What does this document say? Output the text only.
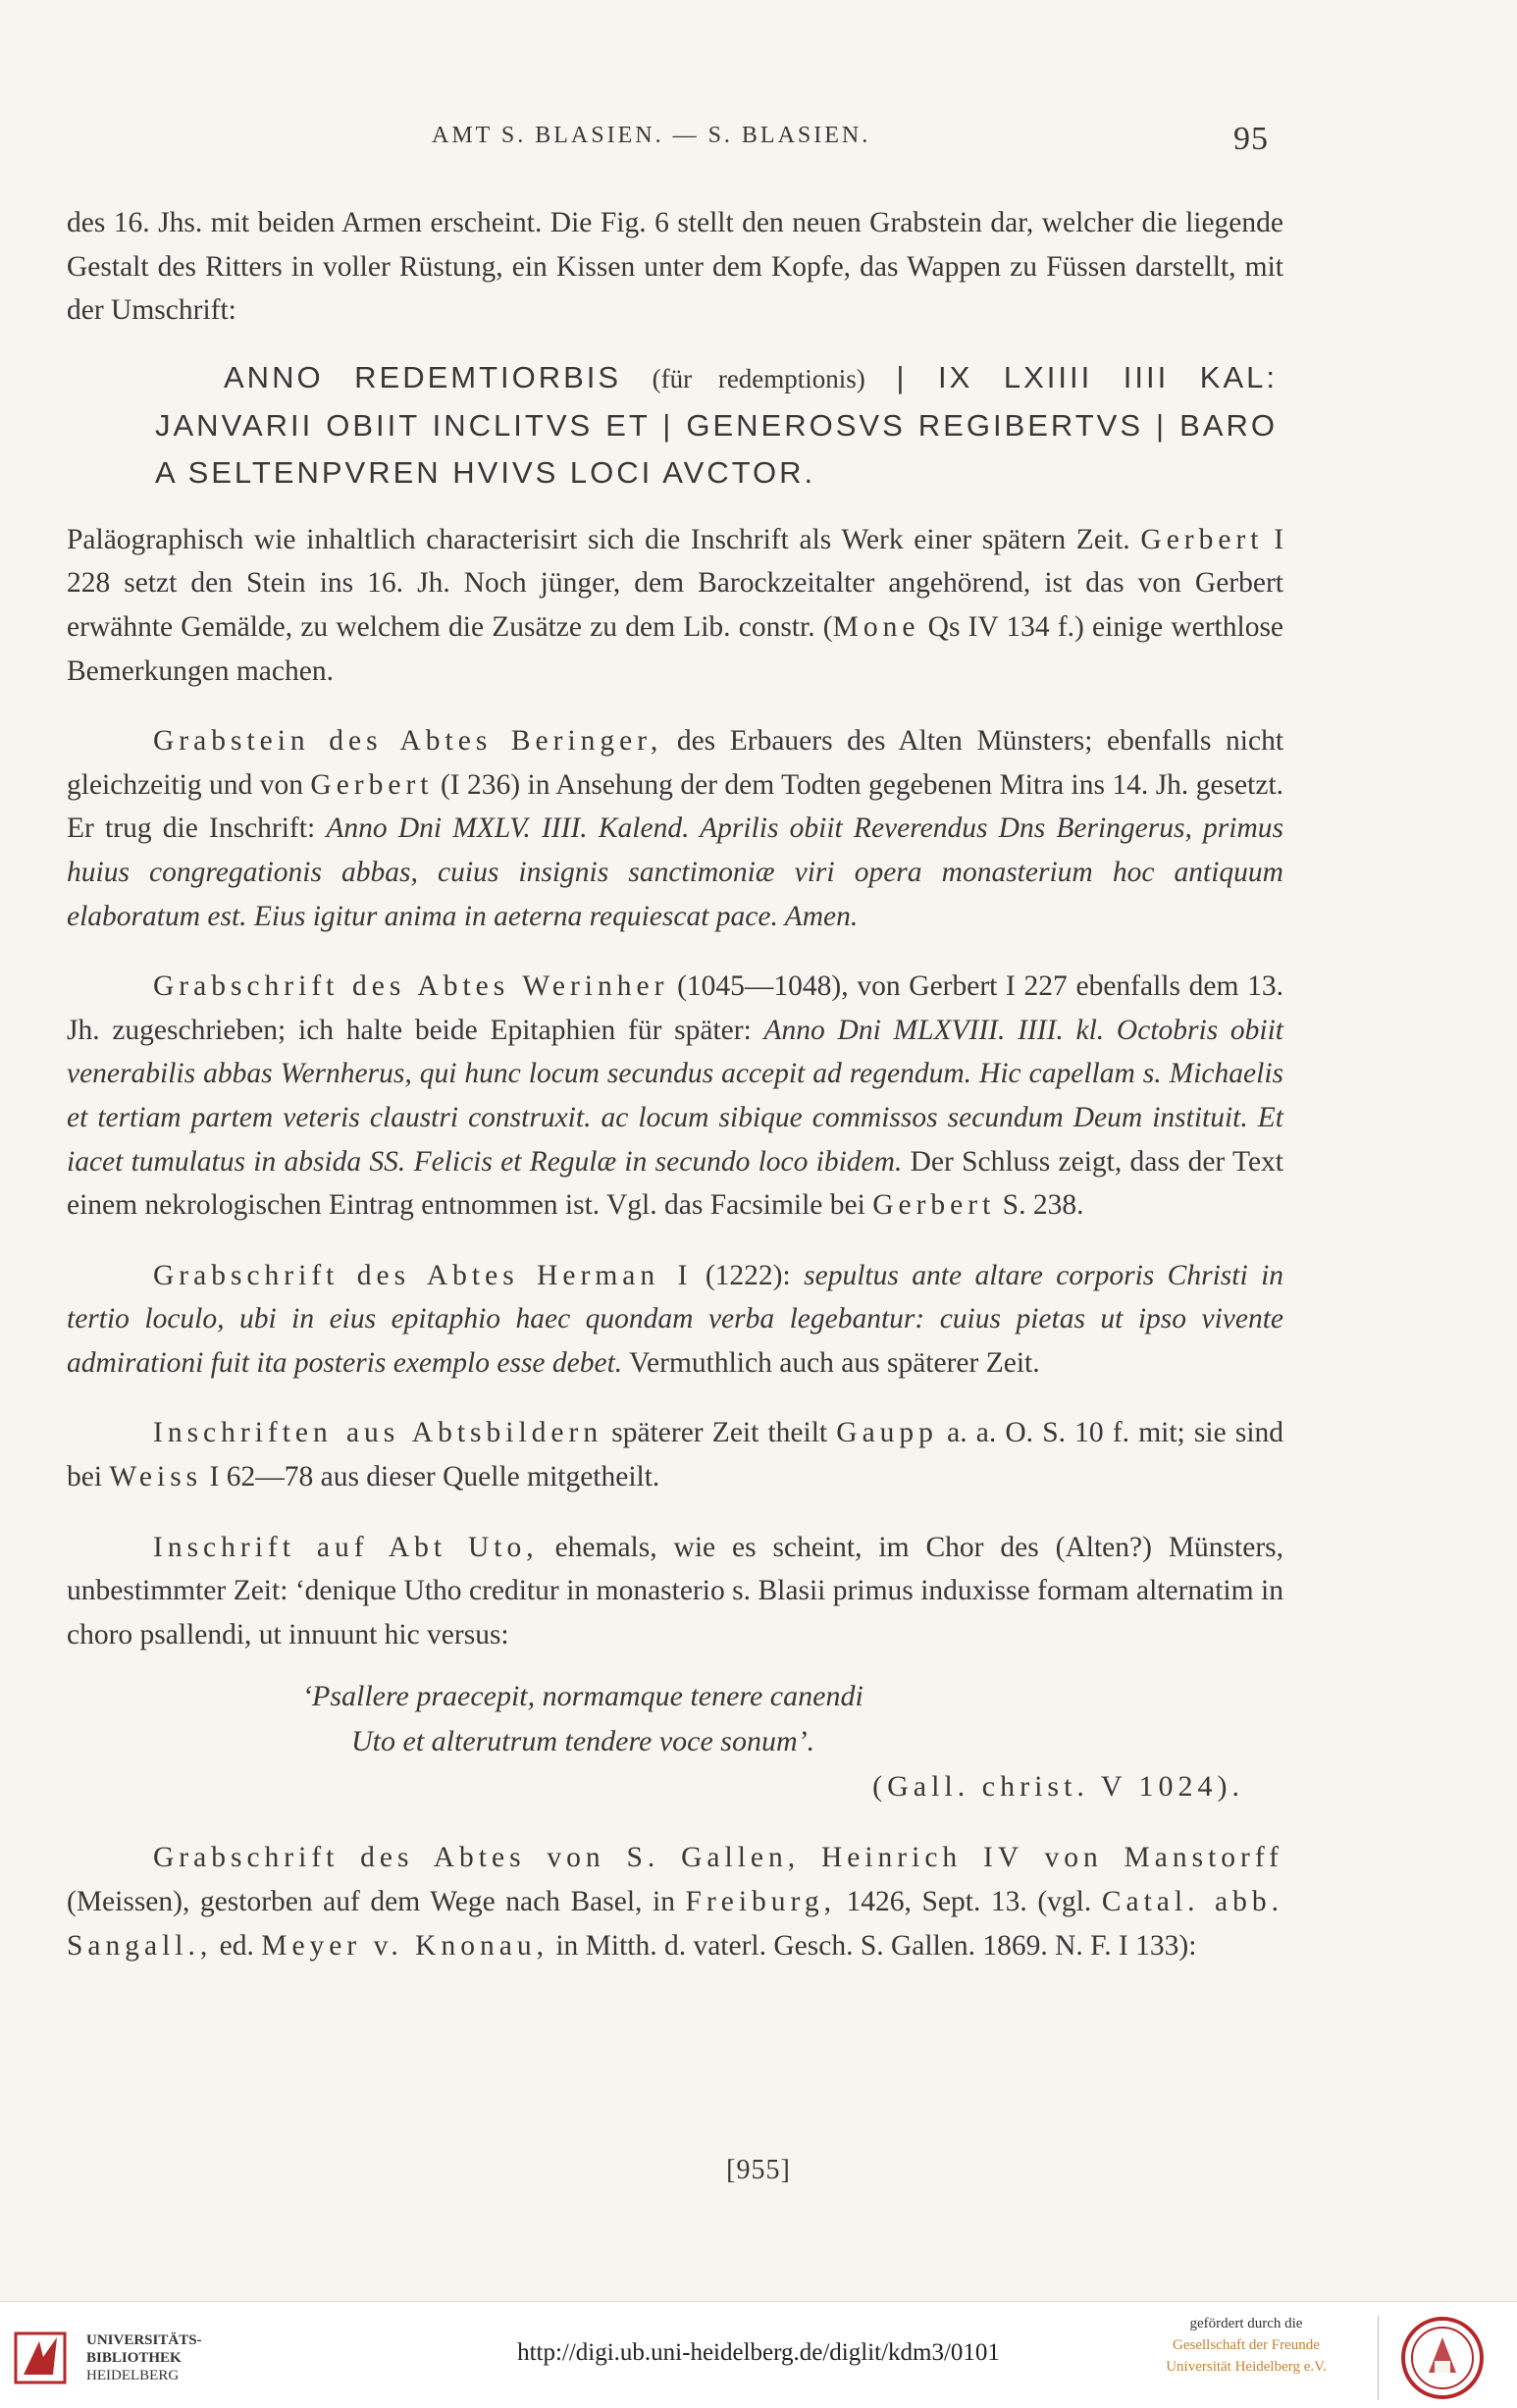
AMT S. BLASIEN. — S. BLASIEN.	95

des 16. Jhs. mit beiden Armen erscheint. Die Fig. 6 stellt den neuen Grabstein dar, welcher die liegende Gestalt des Ritters in voller Rüstung, ein Kissen unter dem Kopfe, das Wappen zu Füssen darstellt, mit der Umschrift:

ANNO REDEMTIORBIS (für redemptionis) | IX LXIIII IIII KAL: JANVARII OBIIT INCLITVS ET | GENEROSVS REGIBERTVS | BARO A SELTENPVREN HVIVS LOCI AVCTOR.

Paläographisch wie inhaltlich characterisirt sich die Inschrift als Werk einer spätern Zeit. Gerbert I 228 setzt den Stein ins 16. Jh. Noch jünger, dem Barockzeitalter angehörend, ist das von Gerbert erwähnte Gemälde, zu welchem die Zusätze zu dem Lib. constr. (Mone Qs IV 134 f.) einige werthlose Bemerkungen machen.

Grabstein des Abtes Beringer, des Erbauers des Alten Münsters; ebenfalls nicht gleichzeitig und von Gerbert (I 236) in Ansehung der dem Todten gegebenen Mitra ins 14. Jh. gesetzt. Er trug die Inschrift: Anno Dni MXLV. IIII. Kalend. Aprilis obiit Reverendus Dns Beringerus, primus huius congregationis abbas, cuius insignis sanctimoniæ viri opera monasterium hoc antiquum elaboratum est. Eius igitur anima in aeterna requiescat pace. Amen.

Grabschrift des Abtes Werinher (1045—1048), von Gerbert I 227 ebenfalls dem 13. Jh. zugeschrieben; ich halte beide Epitaphien für später: Anno Dni MLXVIII. IIII. kl. Octobris obiit venerabilis abbas Wernherus, qui hunc locum secundus accepit ad regendum. Hic capellam s. Michaelis et tertiam partem veteris claustri construxit. ac locum sibique commissos secundum Deum instituit. Et iacet tumulatus in absida SS. Felicis et Regulæ in secundo loco ibidem. Der Schluss zeigt, dass der Text einem nekrologischen Eintrag entnommen ist. Vgl. das Facsimile bei Gerbert S. 238.

Grabschrift des Abtes Herman I (1222): sepultus ante altare corporis Christi in tertio loculo, ubi in eius epitaphio haec quondam verba legebantur: cuius pietas ut ipso vivente admirationi fuit ita posteris exemplo esse debet. Vermuthlich auch aus späterer Zeit.

Inschriften aus Abtsbildern späterer Zeit theilt Gaupp a. a. O. S. 10 f. mit; sie sind bei Weiss I 62—78 aus dieser Quelle mitgetheilt.

Inschrift auf Abt Uto, ehemals, wie es scheint, im Chor des (Alten?) Münsters, unbestimmter Zeit: ‘denique Utho creditur in monasterio s. Blasii primus induxisse formam alternatim in choro psallendi, ut innuunt hic versus:

‘Psallere praecepit, normamque tenere canendi
Uto et alterutrum tendere voce sonum’.
(Gall. christ. V 1024).

Grabschrift des Abtes von S. Gallen, Heinrich IV von Manstorff (Meissen), gestorben auf dem Wege nach Basel, in Freiburg, 1426, Sept. 13. (vgl. Catal. abb. Sangall., ed. Meyer v. Knonau, in Mitth. d. vaterl. Gesch. S. Gallen. 1869. N. F. I 133):

[955]
UNIVERSITÄTS-
BIBLIOTHEK
HEIDELBERG
http://digi.ub.uni-heidelberg.de/diglit/kdm3/0101
gefördert durch die
Gesellschaft der Freunde
Universität Heidelberg e.V.
